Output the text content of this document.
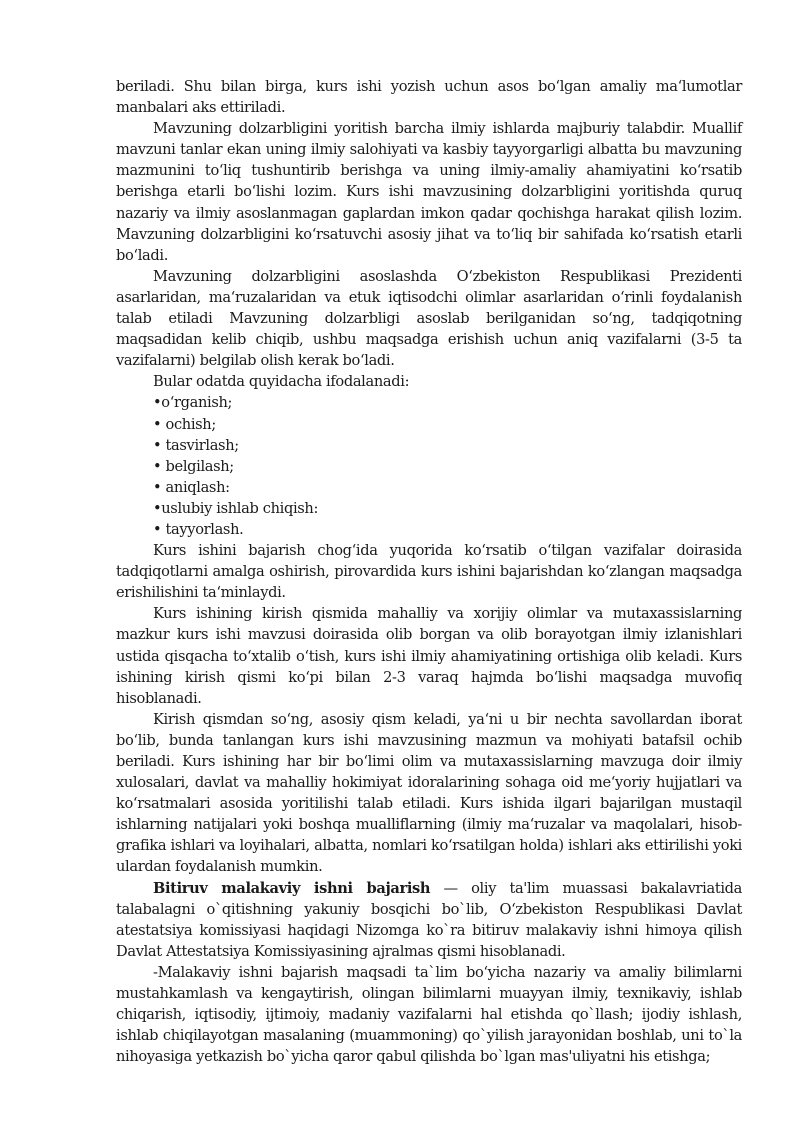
beriladi. Shu bilan birga, kurs ishi yozish uchun asos bo‘lgan amaliy ma‘lumotlar manbalari aks ettiriladi.

Mavzuning dolzarbligini yoritish barcha ilmiy ishlarda majburiy talabdir. Muallif mavzuni tanlar ekan uning ilmiy salohiyati va kasbiy tayyorgarligi albatta bu mavzuning mazmunini to‘liq tushuntirib berishga va uning ilmiy-amaliy ahamiyatini ko‘rsatib berishga etarli bo‘lishi lozim. Kurs ishi mavzusining dolzarbligini yoritishda quruq nazariy va ilmiy asoslanmagan gaplardan imkon qadar qochishga harakat qilish lozim. Mavzuning dolzarbligini ko‘rsatuvchi asosiy jihat va to‘liq bir sahifada ko‘rsatish etarli bo‘ladi.

Mavzuning dolzarbligini asoslashda O‘zbekiston Respublikasi Prezidenti asarlaridan, ma‘ruzalaridan va etuk iqtisodchi olimlar asarlaridan o‘rinli foydalanish talab etiladi Mavzuning dolzarbligi asoslab berilganidan so‘ng, tadqiqotning maqsadidan kelib chiqib, ushbu maqsadga erishish uchun aniq vazifalarni (3-5 ta vazifalarni) belgilab olish kerak bo‘ladi.

Bular odatda quyidacha ifodalanadi:

•o‘rganish;

• ochish;

• tasvirlash;

• belgilash;

• aniqlash:

•uslubiy ishlab chiqish:

• tayyorlash.

Kurs ishini bajarish chog‘ida yuqorida ko‘rsatib o‘tilgan vazifalar doirasida tadqiqotlarni amalga oshirish, pirovardida kurs ishini bajarishdan ko‘zlangan maqsadga erishilishini ta‘minlaydi.

Kurs ishining kirish qismida mahalliy va xorijiy olimlar va mutaxassislarning mazkur kurs ishi mavzusi doirasida olib borgan va olib borayotgan ilmiy izlanishlari ustida qisqacha to‘xtalib o‘tish, kurs ishi ilmiy ahamiyatining ortishiga olib keladi. Kurs ishining kirish qismi ko‘pi bilan 2-3 varaq hajmda bo‘lishi maqsadga muvofiq hisoblanadi.

Kirish qismdan so‘ng, asosiy qism keladi, ya‘ni u bir nechta savollardan iborat bo‘lib, bunda tanlangan kurs ishi mavzusining mazmun va mohiyati batafsil ochib beriladi. Kurs ishining har bir bo‘limi olim va mutaxassislarning mavzuga doir ilmiy xulosalari, davlat va mahalliy hokimiyat idoralarining sohaga oid me‘yoriy hujjatlari va ko‘rsatmalari asosida yoritilishi talab etiladi. Kurs ishida ilgari bajarilgan mustaqil ishlarning natijalari yoki boshqa mualliflarning (ilmiy ma‘ruzalar va maqolalari, hisob-grafika ishlari va loyihalari, albatta, nomlari ko‘rsatilgan holda) ishlari aks ettirilishi yoki ulardan foydalanish mumkin.

Bitiruv malakaviy ishni bajarish — oliy ta'lim muassasi bakalavriatida talabalagni o`qitishning yakuniy bosqichi bo`lib, O‘zbekiston Respublikasi Davlat atestatsiya komissiyasi haqidagi Nizomga ko`ra bitiruv malakaviy ishni himoya qilish Davlat Attestatsiya Komissiyasining ajralmas qismi hisoblanadi.

-Malakaviy ishni bajarish maqsadi ta`lim bo‘yicha nazariy va amaliy bilimlarni mustahkamlash va kengaytirish, olingan bilimlarni muayyan ilmiy, texnikaviy, ishlab chiqarish, iqtisodiy, ijtimoiy, madaniy vazifalarni hal etishda qo`llash; ijodiy ishlash, ishlab chiqilayotgan masalaning (muammoning) qo`yilish jarayonidan boshlab, uni to`la nihoyasiga yetkazish bo`yicha qaror qabul qilishda bo`lgan mas'uliyatni his etishga;
